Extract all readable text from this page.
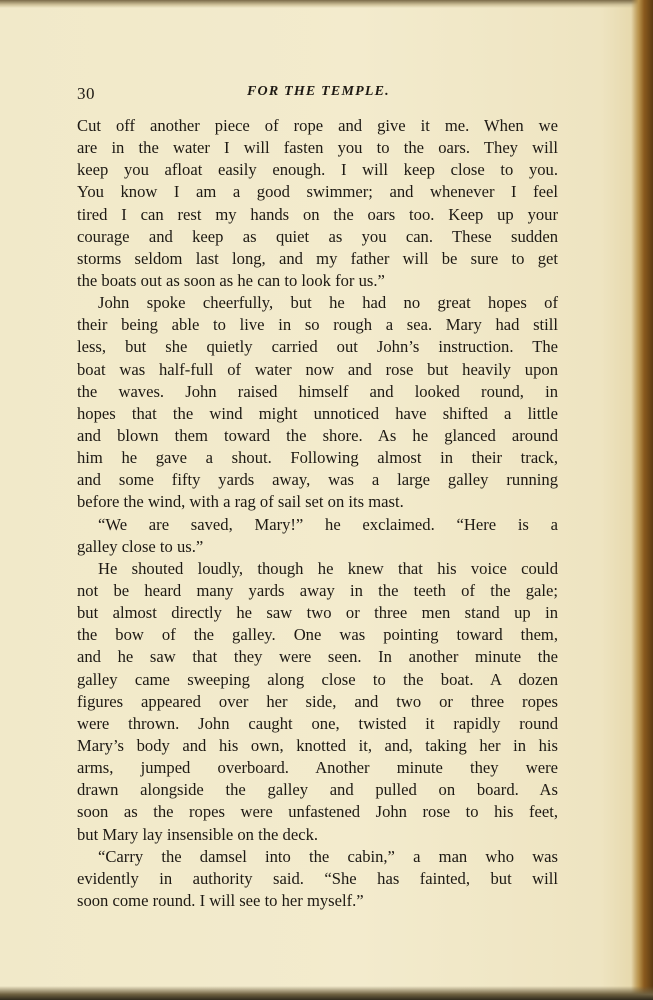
30	FOR THE TEMPLE.
Cut off another piece of rope and give it me. When we
are in the water I will fasten you to the oars. They will
keep you afloat easily enough. I will keep close to you.
You know I am a good swimmer; and whenever I feel
tired I can rest my hands on the oars too. Keep up your
courage and keep as quiet as you can. These sudden
storms seldom last long, and my father will be sure to get
the boats out as soon as he can to look for us.”
John spoke cheerfully, but he had no great hopes of
their being able to live in so rough a sea. Mary had still
less, but she quietly carried out John’s instruction. The
boat was half-full of water now and rose but heavily upon
the waves. John raised himself and looked round, in
hopes that the wind might unnoticed have shifted a little
and blown them toward the shore. As he glanced around
him he gave a shout. Following almost in their track,
and some fifty yards away, was a large galley running
before the wind, with a rag of sail set on its mast.
“We are saved, Mary!” he exclaimed. “Here is a
galley close to us.”
He shouted loudly, though he knew that his voice could
not be heard many yards away in the teeth of the gale;
but almost directly he saw two or three men stand up in
the bow of the galley. One was pointing toward them,
and he saw that they were seen. In another minute the
galley came sweeping along close to the boat. A dozen
figures appeared over her side, and two or three ropes
were thrown. John caught one, twisted it rapidly round
Mary’s body and his own, knotted it, and, taking her in his
arms, jumped overboard. Another minute they were
drawn alongside the galley and pulled on board. As
soon as the ropes were unfastened John rose to his feet,
but Mary lay insensible on the deck.
“Carry the damsel into the cabin,” a man who was
evidently in authority said. “She has fainted, but will
soon come round. I will see to her myself.”
